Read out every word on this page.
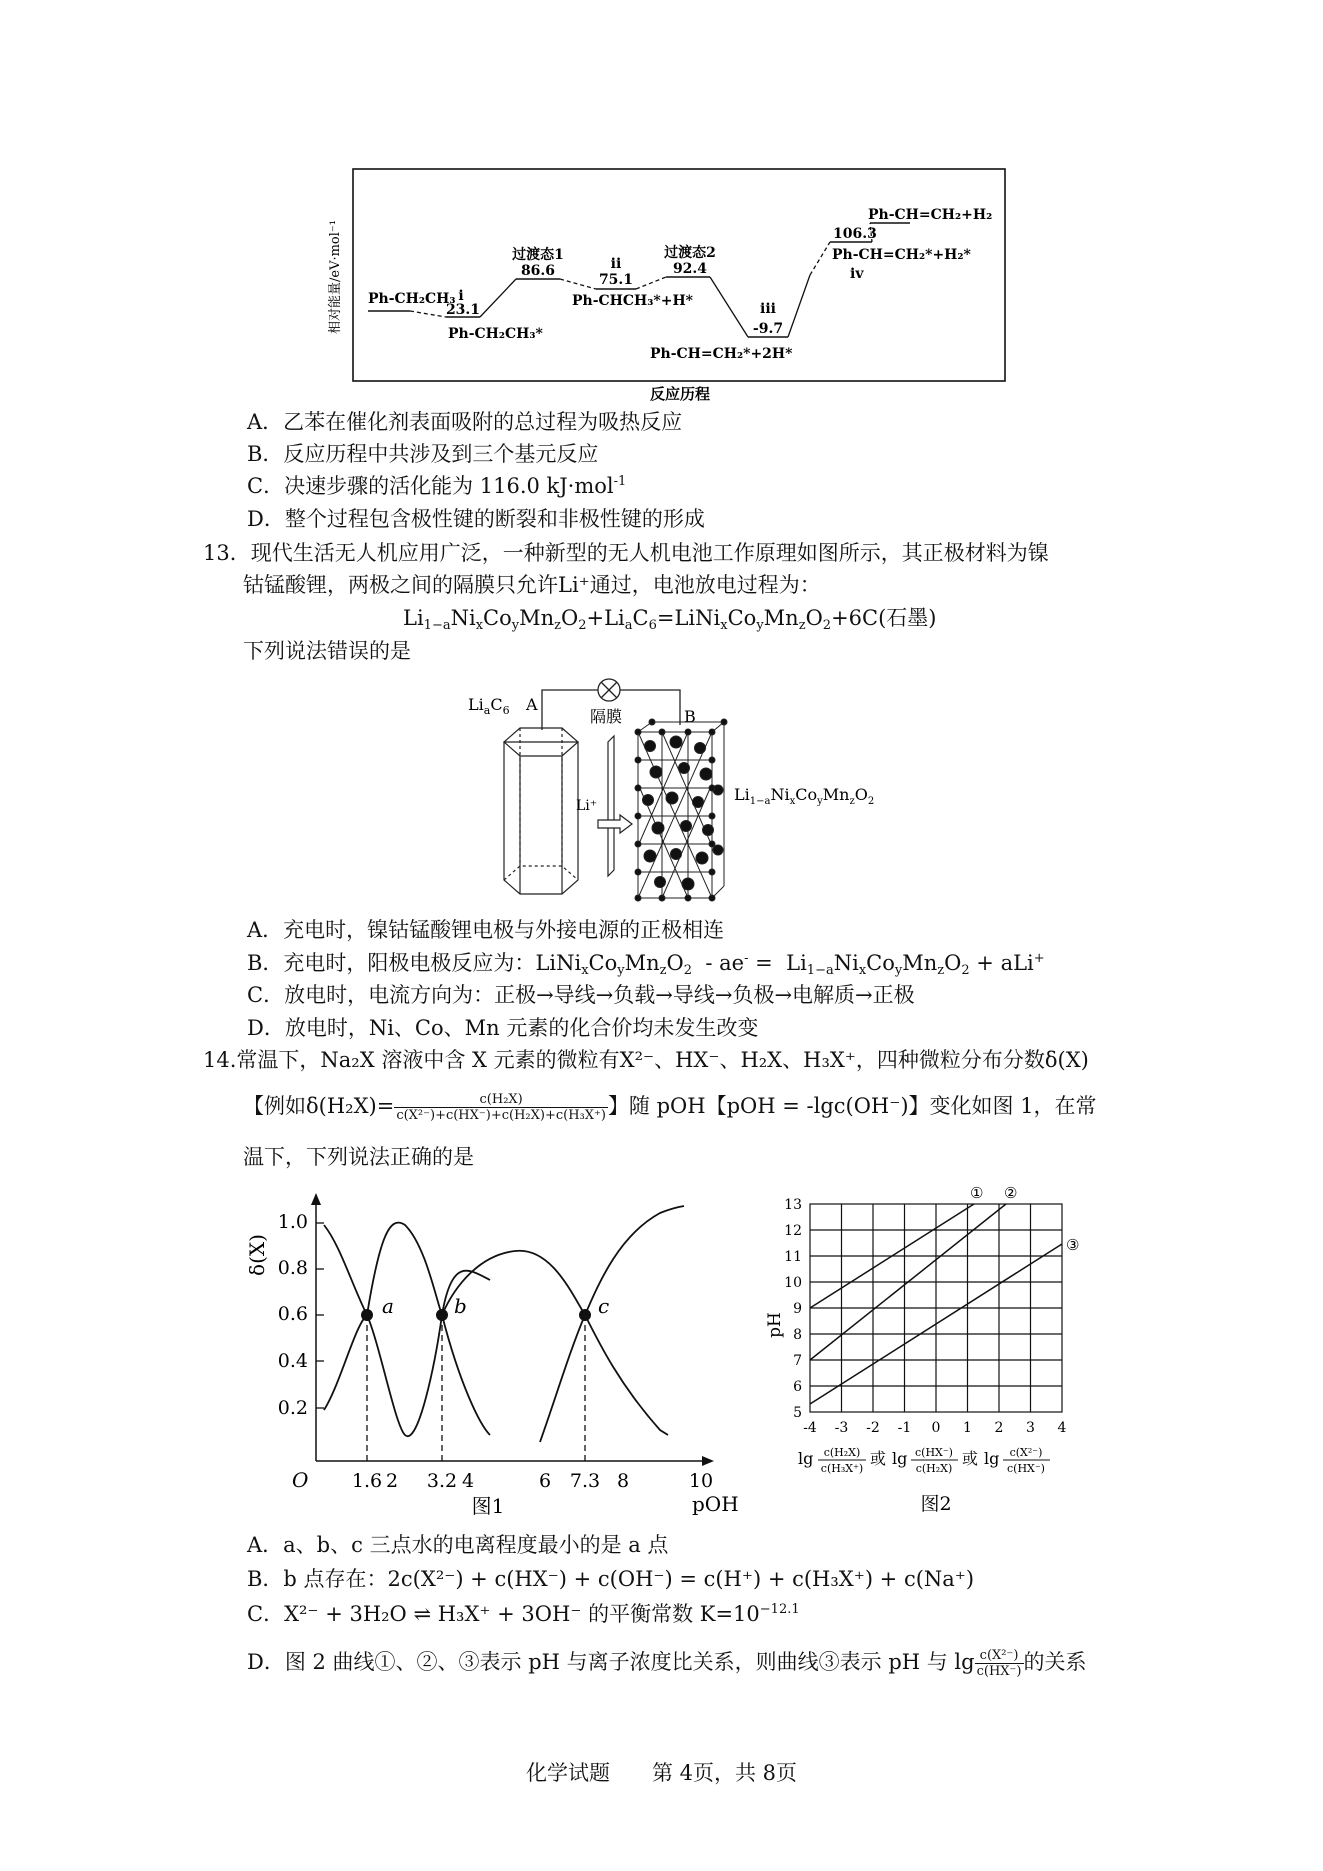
相对能量/eV·mol⁻¹ Ph-CH₂CH₃ i
23.1
Ph-CH₂CH₃*
过渡态1
86.6	ii
75.1
Ph-CHCH₃*+H*
过渡态2
92.4
iii
-9.7
Ph-CH=CH₂*+2H*
106.3
Ph-CH=CH₂*+H₂*
iv
Ph-CH=CH₂+H₂
反应历程
A．乙苯在催化剂表面吸附的总过程为吸热反应
B．反应历程中共涉及到三个基元反应
C．决速步骤的活化能为 116.0 kJ·mol$^{-1}$
D．整个过程包含极性键的断裂和非极性键的形成
13．现代生活无人机应用广泛，一种新型的无人机电池工作原理如图所示，其正极材料为镍
钴锰酸锂，两极之间的隔膜只允许Li⁺通过，电池放电过程为：
$Li_{1-a}Ni_xCo_yMn_zO_2+Li_aC_6=LiNi_xCo_yMn_zO_2+6C$(石墨)
下列说法错误的是
$Li_aC_6$ A
B
隔膜
Li⁺
$Li_{1-a}Ni_xCo_yMn_zO_2$
A．充电时，镍钴锰酸锂电极与外接电源的正极相连
B．充电时，阳极电极反应为：$LiNi_xCo_yMn_zO_2 - ae^- = Li_{1-a}Ni_xCo_yMn_zO_2 + aLi^+$
C．放电时，电流方向为：正极→导线→负载→导线→负极→电解质→正极
D．放电时，Ni、Co、Mn 元素的化合价均未发生改变
14.常温下，Na₂X 溶液中含 X 元素的微粒有X²⁻、HX⁻、H₂X、H₃X⁺，四种微粒分布分数δ(X)
【例如$\delta(H_2X)= \frac{\text{c(H₂X)}}{\text{c(X²⁻)+c(HX⁻)+c(H₂X)+c(H₃X⁺)}}$ 】随 pOH【pOH = -lgc(OH⁻)】变化如图 1，在常
温下，下列说法正确的是
δ(X)
O
0.2
0.4
0.6
0.8
1.0
1.6 2 3.2 4	6 7.3 8	10
pOH
a	b	c
图1
pH
① ②
③
5
6
7
8
9
10
11
12
13
-4 -3 -2 -1 0 1 2 3 4
lg c(H₂X)
c(H₃X⁺)
或 lg c(HX⁻)
c(H₂X)
或 lg c(X²⁻)
c(HX⁻)
图2
A．a、b、c 三点水的电离程度最小的是 a 点
B．b 点存在：2c(X²⁻) + c(HX⁻) + c(OH⁻) = c(H⁺) + c(H₃X⁺) + c(Na⁺)
C．X²⁻ + 3H₂O ⇌ H₃X⁺ + 3OH⁻ 的平衡常数 $K=10^{-12.1}$
D．图 2 曲线①、②、③表示 pH 与离子浓度比关系，则曲线③表示 pH 与 $\lg \frac{\text{c(X²⁻)}}{c(HX^-)}$ 的关系
化学试题　　第 4页，共 8页
